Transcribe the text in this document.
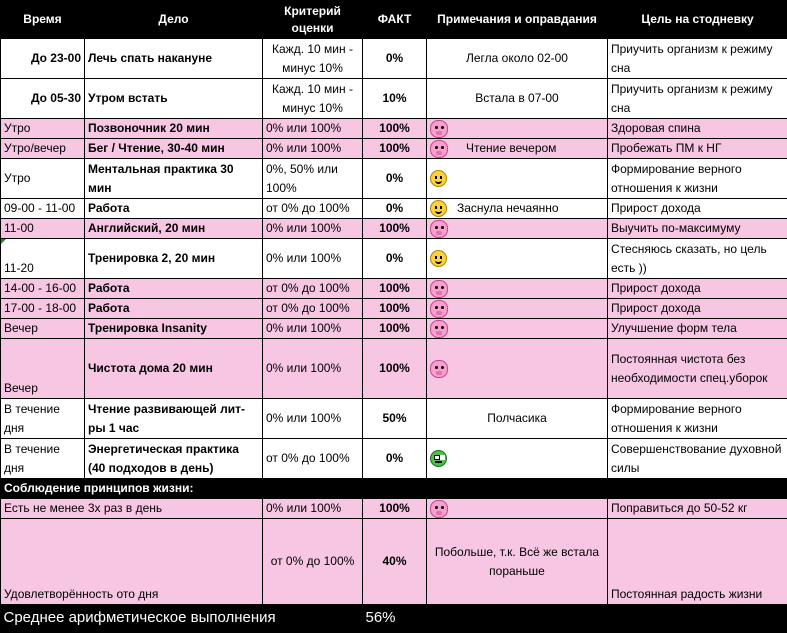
Время	Дело	Критерий оценки	ФАКТ	Примечания и оправдания	Цель на стодневку
До 23-00	Лечь спать накануне	Кажд. 10 мин - минус 10%	0%	Легла около 02-00	Приучить организм к режиму сна
До 05-30	Утром встать	Кажд. 10 мин - минус 10%	10%	Встала в 07-00	Приучить организм к режиму сна
Утро	Позвоночник 20 мин	0% или 100%	100%		Здоровая спина
Утро/вечер	Бег / Чтение, 30-40 мин	0% или 100%	100%	Чтение вечером	Пробежать ПМ к НГ
Утро	Ментальная практика 30 мин	0%, 50% или 100%	0%		Формирование верного отношения к жизни
09-00 - 11-00	Работа	от 0% до 100%	0%	Заснула нечаянно	Прирост дохода
11-00	Английский, 20 мин	0% или 100%	100%		Выучить по-максимуму

11-20	Тренировка 2, 20 мин	0% или 100%	0%		Стесняюсь сказать, но цель есть ))
14-00 - 16-00	Работа	от 0% до 100%	100%		Прирост дохода
17-00 - 18-00	Работа	от 0% до 100%	100%		Прирост дохода
Вечер	Тренировка Insanity	0% или 100%	100%		Улучшение форм тела
Вечер	Чистота дома 20 мин	0% или 100%	100%		Постоянная чистота без необходимости спец.уборок
В течение дня	Чтение развивающей лит-ры 1 час	0% или 100%	50%	Полчасика	Формирование верного отношения к жизни
В течение дня	Энергетическая практика (40 подходов в день)	от 0% до 100%	0%		Совершенствование духовной силы
Соблюдение принципов жизни:					
Есть не менее 3х раз в день		0% или 100%	100%		Поправиться до 50-52 кг
Удовлетворённость ото дня		от 0% до 100%	40%	Побольше, т.к. Всё же встала пораньше	Постоянная радость жизни
Среднее арифметическое выполнения			56%		
